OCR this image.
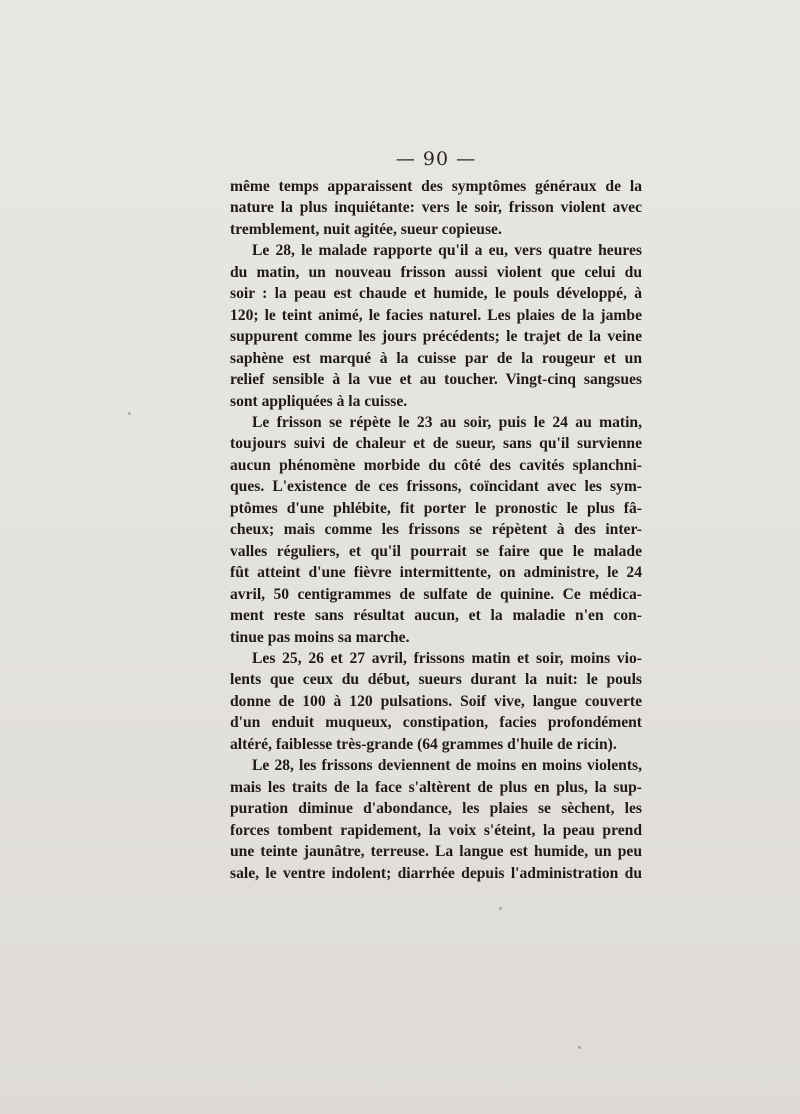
— 90 —

même temps apparaissent des symptômes généraux de la
nature la plus inquiétante: vers le soir, frisson violent avec
tremblement, nuit agitée, sueur copieuse.

Le 28, le malade rapporte qu'il a eu, vers quatre heures
du matin, un nouveau frisson aussi violent que celui du
soir : la peau est chaude et humide, le pouls développé, à
120; le teint animé, le facies naturel. Les plaies de la jambe
suppurent comme les jours précédents; le trajet de la veine
saphène est marqué à la cuisse par de la rougeur et un
relief sensible à la vue et au toucher. Vingt-cinq sangsues
sont appliquées à la cuisse.

Le frisson se répète le 23 au soir, puis le 24 au matin,
toujours suivi de chaleur et de sueur, sans qu'il survienne
aucun phénomène morbide du côté des cavités splanchni-
ques. L'existence de ces frissons, coïncidant avec les sym-
ptômes d'une phlébite, fit porter le pronostic le plus fâ-
cheux; mais comme les frissons se répètent à des inter-
valles réguliers, et qu'il pourrait se faire que le malade
fût atteint d'une fièvre intermittente, on administre, le 24
avril, 50 centigrammes de sulfate de quinine. Ce médica-
ment reste sans résultat aucun, et la maladie n'en con-
tinue pas moins sa marche.

Les 25, 26 et 27 avril, frissons matin et soir, moins vio-
lents que ceux du début, sueurs durant la nuit: le pouls
donne de 100 à 120 pulsations. Soif vive, langue couverte
d'un enduit muqueux, constipation, facies profondément
altéré, faiblesse très-grande (64 grammes d'huile de ricin).

Le 28, les frissons deviennent de moins en moins violents,
mais les traits de la face s'altèrent de plus en plus, la sup-
puration diminue d'abondance, les plaies se sèchent, les
forces tombent rapidement, la voix s'éteint, la peau prend
une teinte jaunâtre, terreuse. La langue est humide, un peu
sale, le ventre indolent; diarrhée depuis l'administration du
